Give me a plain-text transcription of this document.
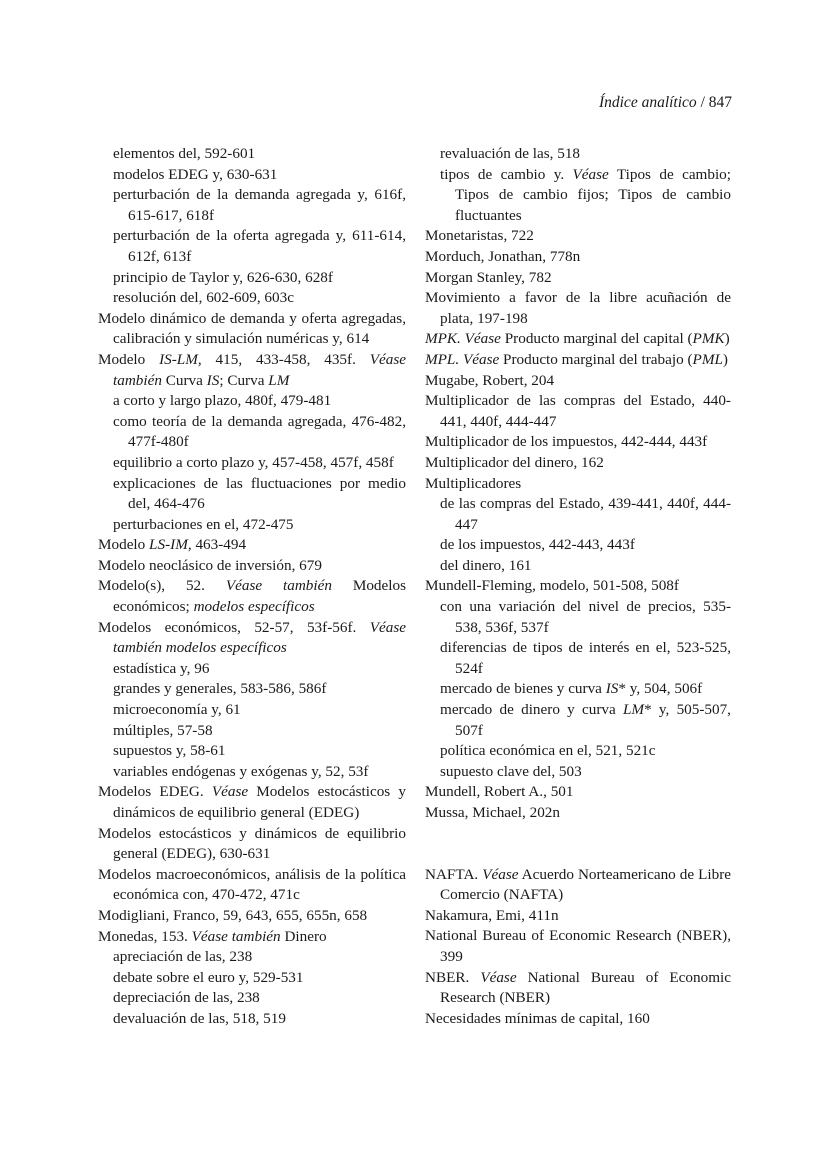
Índice analítico / 847
elementos del, 592-601
modelos EDEG y, 630-631
perturbación de la demanda agregada y, 616f, 615-617, 618f
perturbación de la oferta agregada y, 611-614, 612f, 613f
principio de Taylor y, 626-630, 628f
resolución del, 602-609, 603c
Modelo dinámico de demanda y oferta agregadas, calibración y simulación numéricas y, 614
Modelo IS-LM, 415, 433-458, 435f. Véase también Curva IS; Curva LM
a corto y largo plazo, 480f, 479-481
como teoría de la demanda agregada, 476-482, 477f-480f
equilibrio a corto plazo y, 457-458, 457f, 458f
explicaciones de las fluctuaciones por medio del, 464-476
perturbaciones en el, 472-475
Modelo LS-IM, 463-494
Modelo neoclásico de inversión, 679
Modelo(s), 52. Véase también Modelos económicos; modelos específicos
Modelos económicos, 52-57, 53f-56f. Véase también modelos específicos
estadística y, 96
grandes y generales, 583-586, 586f
microeconomía y, 61
múltiples, 57-58
supuestos y, 58-61
variables endógenas y exógenas y, 52, 53f
Modelos EDEG. Véase Modelos estocásticos y dinámicos de equilibrio general (EDEG)
Modelos estocásticos y dinámicos de equilibrio general (EDEG), 630-631
Modelos macroeconómicos, análisis de la política económica con, 470-472, 471c
Modigliani, Franco, 59, 643, 655, 655n, 658
Monedas, 153. Véase también Dinero
apreciación de las, 238
debate sobre el euro y, 529-531
depreciación de las, 238
devaluación de las, 518, 519
revaluación de las, 518
tipos de cambio y. Véase Tipos de cambio; Tipos de cambio fijos; Tipos de cambio fluctuantes
Monetaristas, 722
Morduch, Jonathan, 778n
Morgan Stanley, 782
Movimiento a favor de la libre acuñación de plata, 197-198
MPK. Véase Producto marginal del capital (PMK)
MPL. Véase Producto marginal del trabajo (PML)
Mugabe, Robert, 204
Multiplicador de las compras del Estado, 440-441, 440f, 444-447
Multiplicador de los impuestos, 442-444, 443f
Multiplicador del dinero, 162
Multiplicadores
de las compras del Estado, 439-441, 440f, 444-447
de los impuestos, 442-443, 443f
del dinero, 161
Mundell-Fleming, modelo, 501-508, 508f
con una variación del nivel de precios, 535-538, 536f, 537f
diferencias de tipos de interés en el, 523-525, 524f
mercado de bienes y curva IS* y, 504, 506f
mercado de dinero y curva LM* y, 505-507, 507f
política económica en el, 521, 521c
supuesto clave del, 503
Mundell, Robert A., 501
Mussa, Michael, 202n
NAFTA. Véase Acuerdo Norteamericano de Libre Comercio (NAFTA)
Nakamura, Emi, 411n
National Bureau of Economic Research (NBER), 399
NBER. Véase National Bureau of Economic Research (NBER)
Necesidades mínimas de capital, 160
